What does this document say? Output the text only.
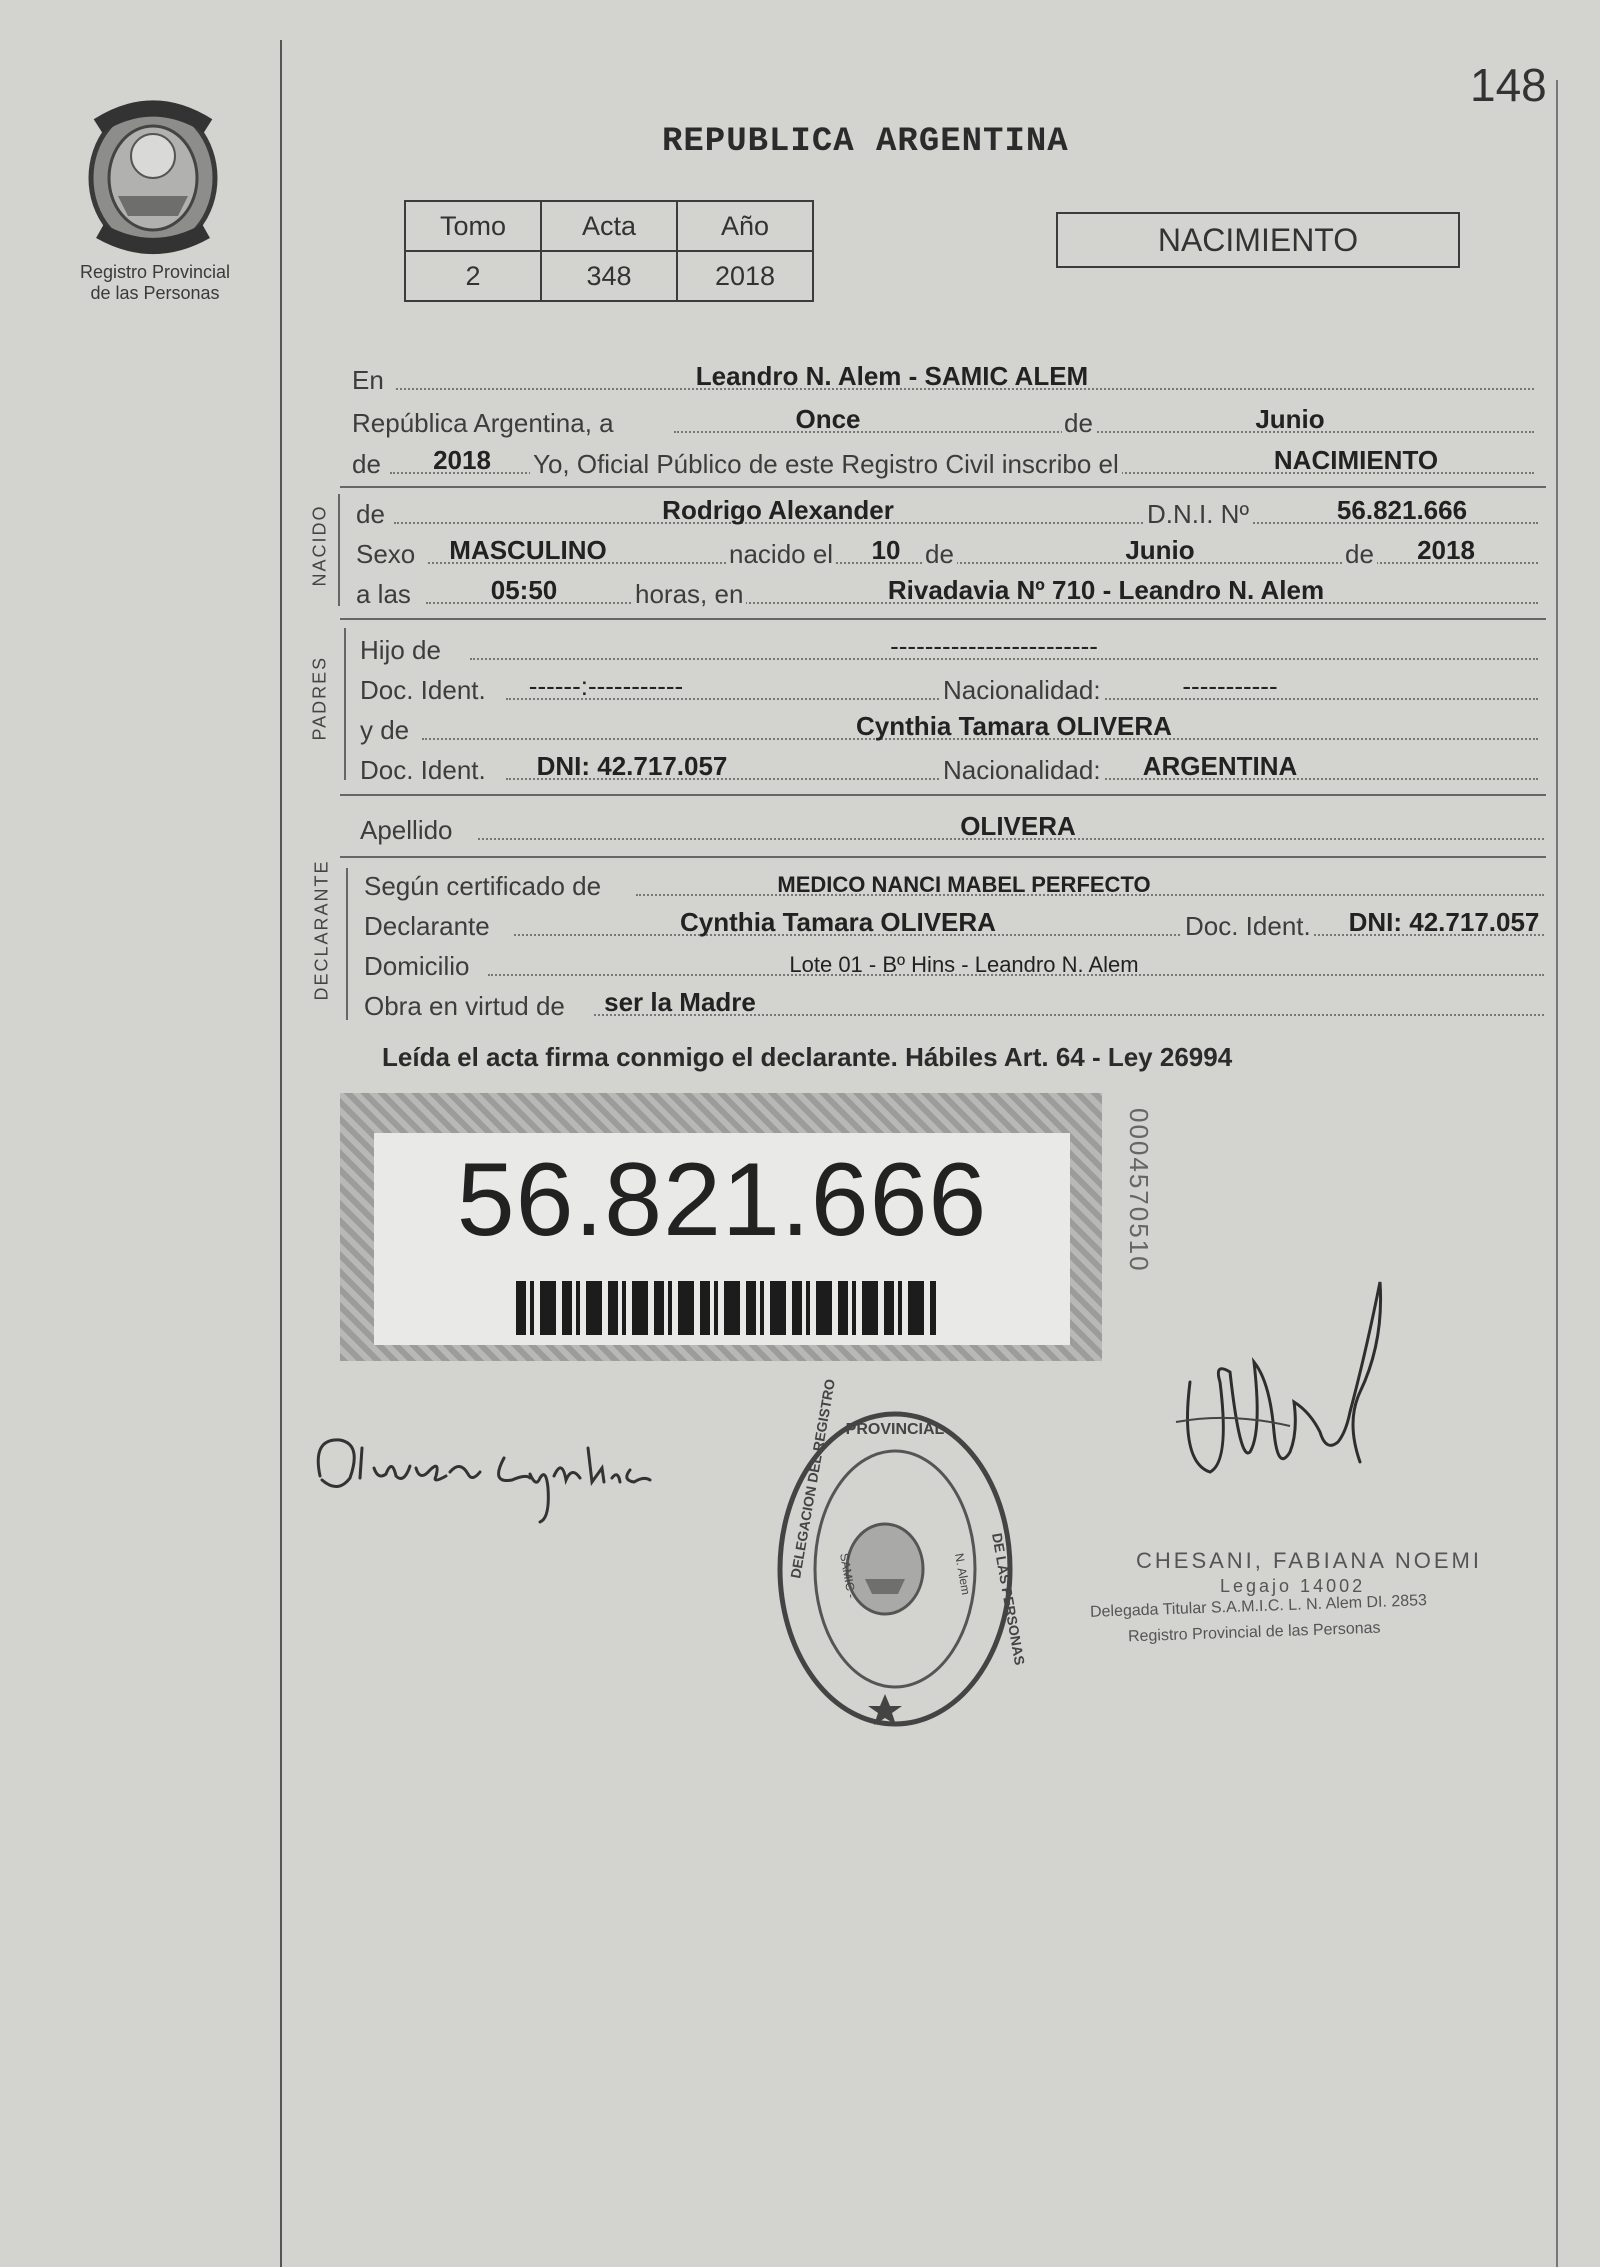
148
Registro Provincial
de las Personas
REPUBLICA ARGENTINA
Tomo	Acta	Año
2	348	2018
NACIMIENTO
En	Leandro N. Alem - SAMIC ALEM
República Argentina, a	Once	de	Junio
de 2018 Yo, Oficial Público de este Registro Civil inscribo el	NACIMIENTO
NACIDO de	Rodrigo Alexander	D.N.I. Nº	56.821.666
Sexo MASCULINO	nacido el 10 de	Junio	de 2018
a las	05:50	horas, en	Rivadavia Nº 710 - Leandro N. Alem
PADRES
Hijo de	------------------------
Doc. Ident. ------:-----------	Nacionalidad:	-----------
y de	Cynthia Tamara OLIVERA
Doc. Ident. DNI: 42.717.057	Nacionalidad: ARGENTINA
Apellido	OLIVERA
DECLARANTE Según certificado de	MEDICO NANCI MABEL PERFECTO
Declarante	Cynthia Tamara OLIVERA	Doc. Ident. DNI: 42.717.057
Domicilio	Lote 01 - Bº Hins - Leandro N. Alem
Obra en virtud de ser la Madre
Leída el acta firma conmigo el declarante. Hábiles Art. 64 - Ley 26994
56.821.666	0004570510
PROVINCIAL
DELEGACION DEL REGISTRO
DE LAS PERSONAS
SAMIC -	N. Alem	CHESANI, FABIANA NOEMI
Legajo 14002
Delegada Titular S.A.M.I.C. L. N. Alem DI. 2853
Registro Provincial de las Personas
